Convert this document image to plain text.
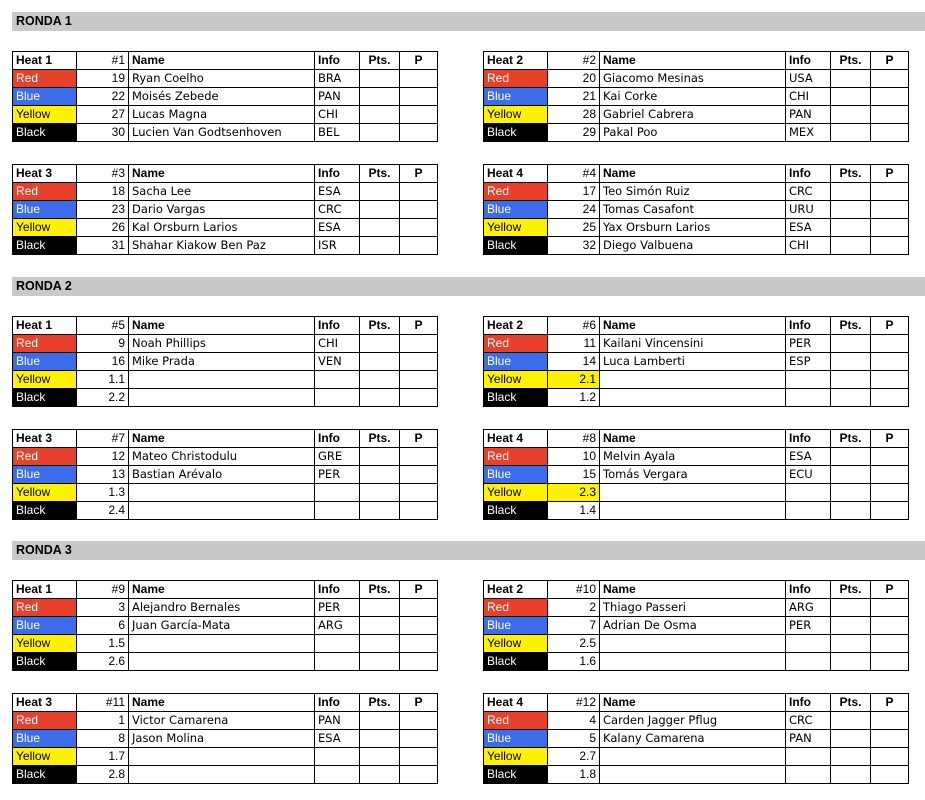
RONDA 1
Heat 1	#1	Name	Info	Pts.	P
Red	19	Ryan Coelho	BRA		
Blue	22	Moisés Zebede	PAN		
Yellow	27	Lucas Magna	CHI		
Black	30	Lucien Van Godtsenhoven	BEL		
Heat 2	#2	Name	Info	Pts.	P
Red	20	Giacomo Mesinas	USA		
Blue	21	Kai Corke	CHI		
Yellow	28	Gabriel Cabrera	PAN		
Black	29	Pakal Poo	MEX		
Heat 3	#3	Name	Info	Pts.	P
Red	18	Sacha Lee	ESA		
Blue	23	Dario Vargas	CRC		
Yellow	26	Kal Orsburn Larios	ESA		
Black	31	Shahar Kiakow Ben Paz	ISR		
Heat 4	#4	Name	Info	Pts.	P
Red	17	Teo Simón Ruiz	CRC		
Blue	24	Tomas Casafont	URU		
Yellow	25	Yax Orsburn Larios	ESA		
Black	32	Diego Valbuena	CHI		
RONDA 2
Heat 1	#5	Name	Info	Pts.	P
Red	9	Noah Phillips	CHI		
Blue	16	Mike Prada	VEN		
Yellow	1.1				
Black	2.2				
Heat 2	#6	Name	Info	Pts.	P
Red	11	Kailani Vincensini	PER		
Blue	14	Luca Lamberti	ESP		
Yellow	2.1				
Black	1.2				
Heat 3	#7	Name	Info	Pts.	P
Red	12	Mateo Christodulu	GRE		
Blue	13	Bastian Arévalo	PER		
Yellow	1.3				
Black	2.4				
Heat 4	#8	Name	Info	Pts.	P
Red	10	Melvin Ayala	ESA		
Blue	15	Tomás Vergara	ECU		
Yellow	2.3				
Black	1.4				
RONDA 3
Heat 1	#9	Name	Info	Pts.	P
Red	3	Alejandro Bernales	PER		
Blue	6	Juan García-Mata	ARG		
Yellow	1.5				
Black	2.6				
Heat 2	#10	Name	Info	Pts.	P
Red	2	Thiago Passeri	ARG		
Blue	7	Adrian De Osma	PER		
Yellow	2.5				
Black	1.6				
Heat 3	#11	Name	Info	Pts.	P
Red	1	Victor Camarena	PAN		
Blue	8	Jason Molina	ESA		
Yellow	1.7				
Black	2.8				
Heat 4	#12	Name	Info	Pts.	P
Red	4	Carden Jagger Pflug	CRC		
Blue	5	Kalany Camarena	PAN		
Yellow	2.7				
Black	1.8				
